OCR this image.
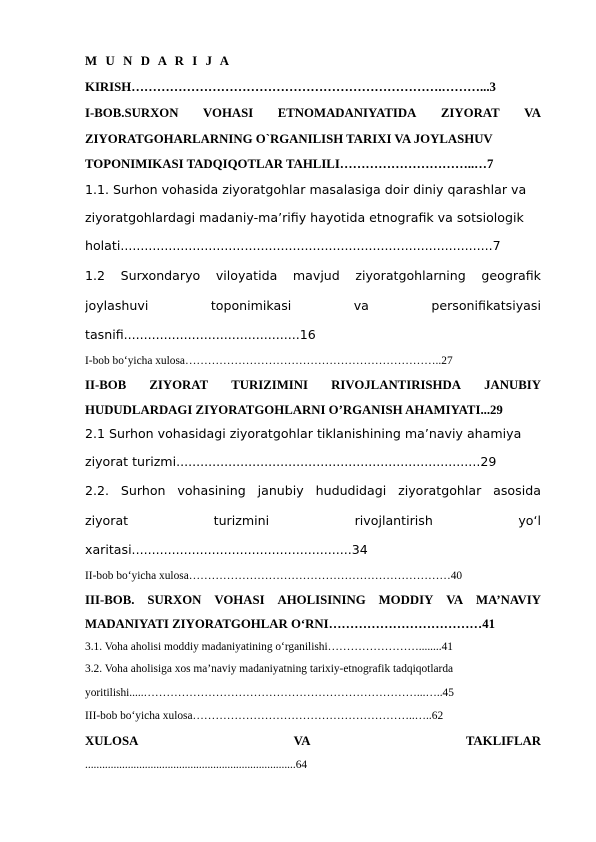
M U N D A R I J A
KIRISH……………………………………………………………….………...3
I-BOB.SURXON VOHASI ETNOMADANIYATIDA ZIYORAT VA
ZIYORATGOHARLARNING O`RGANILISH TARIXI VA JOYLASHUV
TOPONIMIKASI TADQIQOTLAR TAHLILI…………………………..…7
1.1. Surhon vohasida ziyoratgohlar masalasiga doir diniy qarashlar va
ziyoratgohlardagi madaniy-ma’rifiy hayotida etnografik va sotsiologik
holati.............................................................................................7
1.2 Surxondaryo viloyatida mavjud ziyoratgohlarning geografik
joylashuvi	toponimikasi	va	personifikatsiyasi
tasnifi............................................16
I-bob bo‘yicha xulosa…………………………………………………………..27
II-BOB ZIYORAT TURIZIMINI RIVOJLANTIRISHDA JANUBIY
HUDUDLARDAGI ZIYORATGOHLARNI O’RGANISH AHAMIYATI...29
2.1 Surhon vohasidagi ziyoratgohlar tiklanishining ma’naviy ahamiya
ziyorat turizmi............................................................................29
2.2. Surhon vohasining janubiy hududidagi ziyoratgohlar asosida
ziyorat	turizmini	rivojlantirish	yo‘l
xaritasi.......................................................34
II-bob bo‘yicha xulosa……………………………………………………………40
III-BOB. SURXON VOHASI AHOLISINING MODDIY VA MA’NAVIY
MADANIYATI ZIYORATGOHLAR O‘RNI………………………………41
3.1. Voha aholisi moddiy madaniyatining o‘rganilishi……………………........41
3.2. Voha aholisiga xos ma’naviy madaniyatning tarixiy-etnografik tadqiqotlarda
yoritilishi.....………………………………………………………………...…..45
III-bob bo‘yicha xulosa…………………………………………………..…..62
XULOSA	VA	TAKLIFLAR
..........................................................................64
